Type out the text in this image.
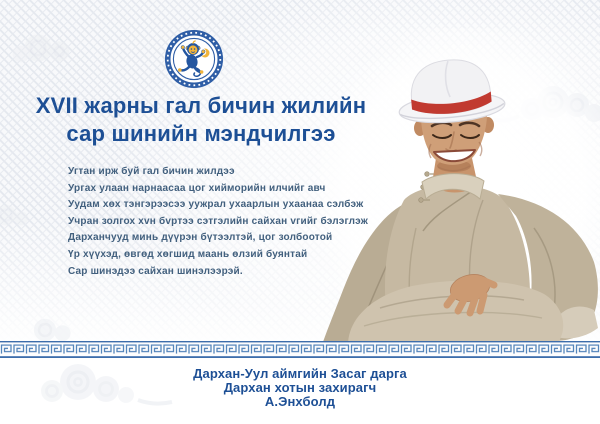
XVII жарны гал бичин жилийн
сар шинийн мэндчилгээ
Угтан ирж буй гал бичин жилдээ
Ургах улаан нарнаасаа цог хийморийн илчийг авч
Уудам хөх тэнгэрээсээ уужрал ухаарлын ухаанаа сэлбэж
Учран золгох хvн бvртээ сэтгэлийн сайхан vгийг бэлэглэж
Дарханчууд минь дүүрэн бүтээлтэй, цог золбоотой
Үр хүүхэд, өвгөд хөгшид маань өлзий буянтай
Сар шинэдээ сайхан шинэлээрэй.
Дархан-Уул аймгийн Засаг дарга
Дархан хотын захирагч
А.Энхболд
